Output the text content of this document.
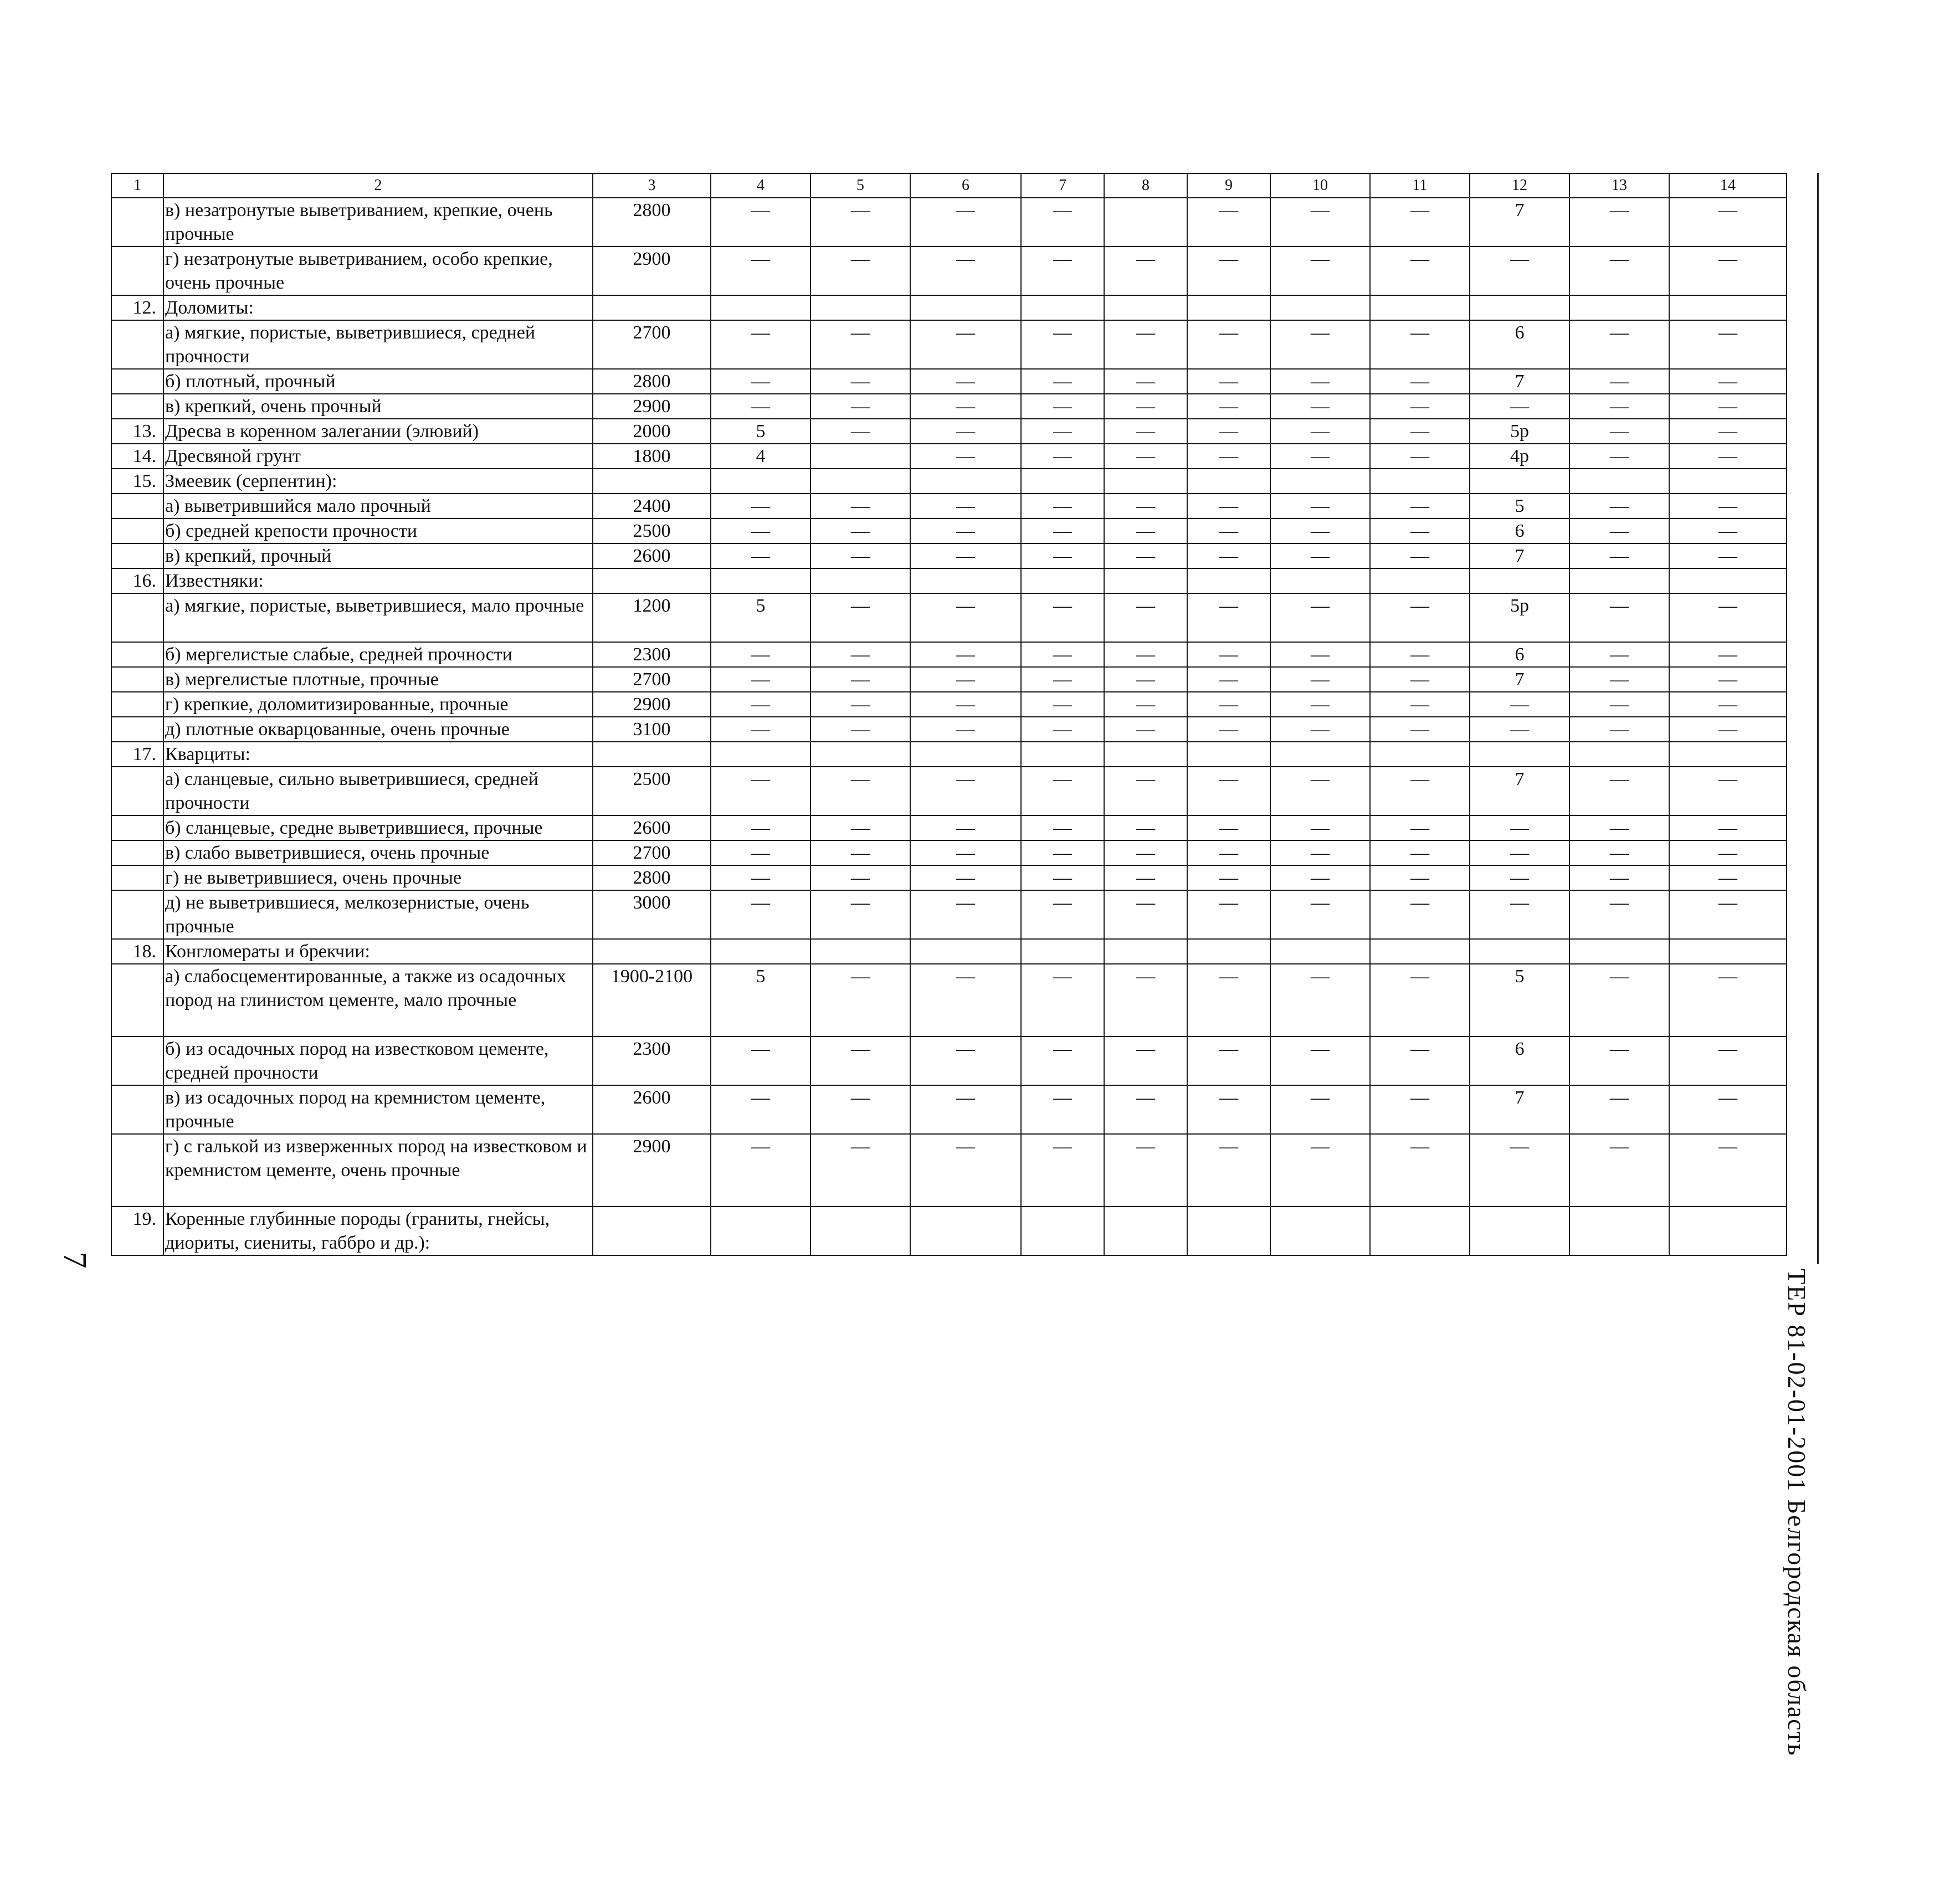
1	2	3	4	5	6	7	8	9	10	11	12	13	14
	в) незатронутые выветриванием, крепкие, очень прочные	2800	—	—	—	—		—	—	—	7	—	—
	г) незатронутые выветриванием, особо крепкие, очень прочные	2900	—	—	—	—	—	—	—	—	—	—	—
12.	Доломиты:												
	а) мягкие, пористые, выветрившиеся, средней прочности	2700	—	—	—	—	—	—	—	—	6	—	—
	б) плотный, прочный	2800	—	—	—	—	—	—	—	—	7	—	—
	в) крепкий, очень прочный	2900	—	—	—	—	—	—	—	—	—	—	—
13.	Дресва в коренном залегании (элювий)	2000	5	—	—	—	—	—	—	—	5р	—	—
14.	Дресвяной грунт	1800	4		—	—	—	—	—	—	4р	—	—
15.	Змеевик (серпентин):												
	а) выветрившийся мало прочный	2400	—	—	—	—	—	—	—	—	5	—	—
	б) средней крепости прочности	2500	—	—	—	—	—	—	—	—	6	—	—
	в) крепкий, прочный	2600	—	—	—	—	—	—	—	—	7	—	—
16.	Известняки:												
	а) мягкие, пористые, выветрившиеся, мало прочные	1200	5	—	—	—	—	—	—	—	5р	—	—
	б) мергелистые слабые, средней прочности	2300	—	—	—	—	—	—	—	—	6	—	—
	в) мергелистые плотные, прочные	2700	—	—	—	—	—	—	—	—	7	—	—
	г) крепкие, доломитизированные, прочные	2900	—	—	—	—	—	—	—	—	—	—	—
	д) плотные окварцованные, очень прочные	3100	—	—	—	—	—	—	—	—	—	—	—
17.	Кварциты:												
	а) сланцевые, сильно выветрившиеся, средней прочности	2500	—	—	—	—	—	—	—	—	7	—	—
	б) сланцевые, средне выветрившиеся, прочные	2600	—	—	—	—	—	—	—	—	—	—	—
	в) слабо выветрившиеся, очень прочные	2700	—	—	—	—	—	—	—	—	—	—	—
	г) не выветрившиеся, очень прочные	2800	—	—	—	—	—	—	—	—	—	—	—
	д) не выветрившиеся, мелкозернистые, очень прочные	3000	—	—	—	—	—	—	—	—	—	—	—
18.	Конгломераты и брекчии:												
	а) слабосцементированные, а также из осадочных пород на глинистом цементе, мало прочные	1900-2100	5	—	—	—	—	—	—	—	5	—	—
	б) из осадочных пород на известковом цементе, средней прочности	2300	—	—	—	—	—	—	—	—	6	—	—
	в) из осадочных пород на кремнистом цементе, прочные	2600	—	—	—	—	—	—	—	—	7	—	—
	г) с галькой из изверженных пород на известковом и кремнистом цементе, очень прочные	2900	—	—	—	—	—	—	—	—	—	—	—
19.	Коренные глубинные породы (граниты, гнейсы, диориты, сиениты, габбро и др.):												
ТЕР 81-02-01-2001 Белгородская область
7
